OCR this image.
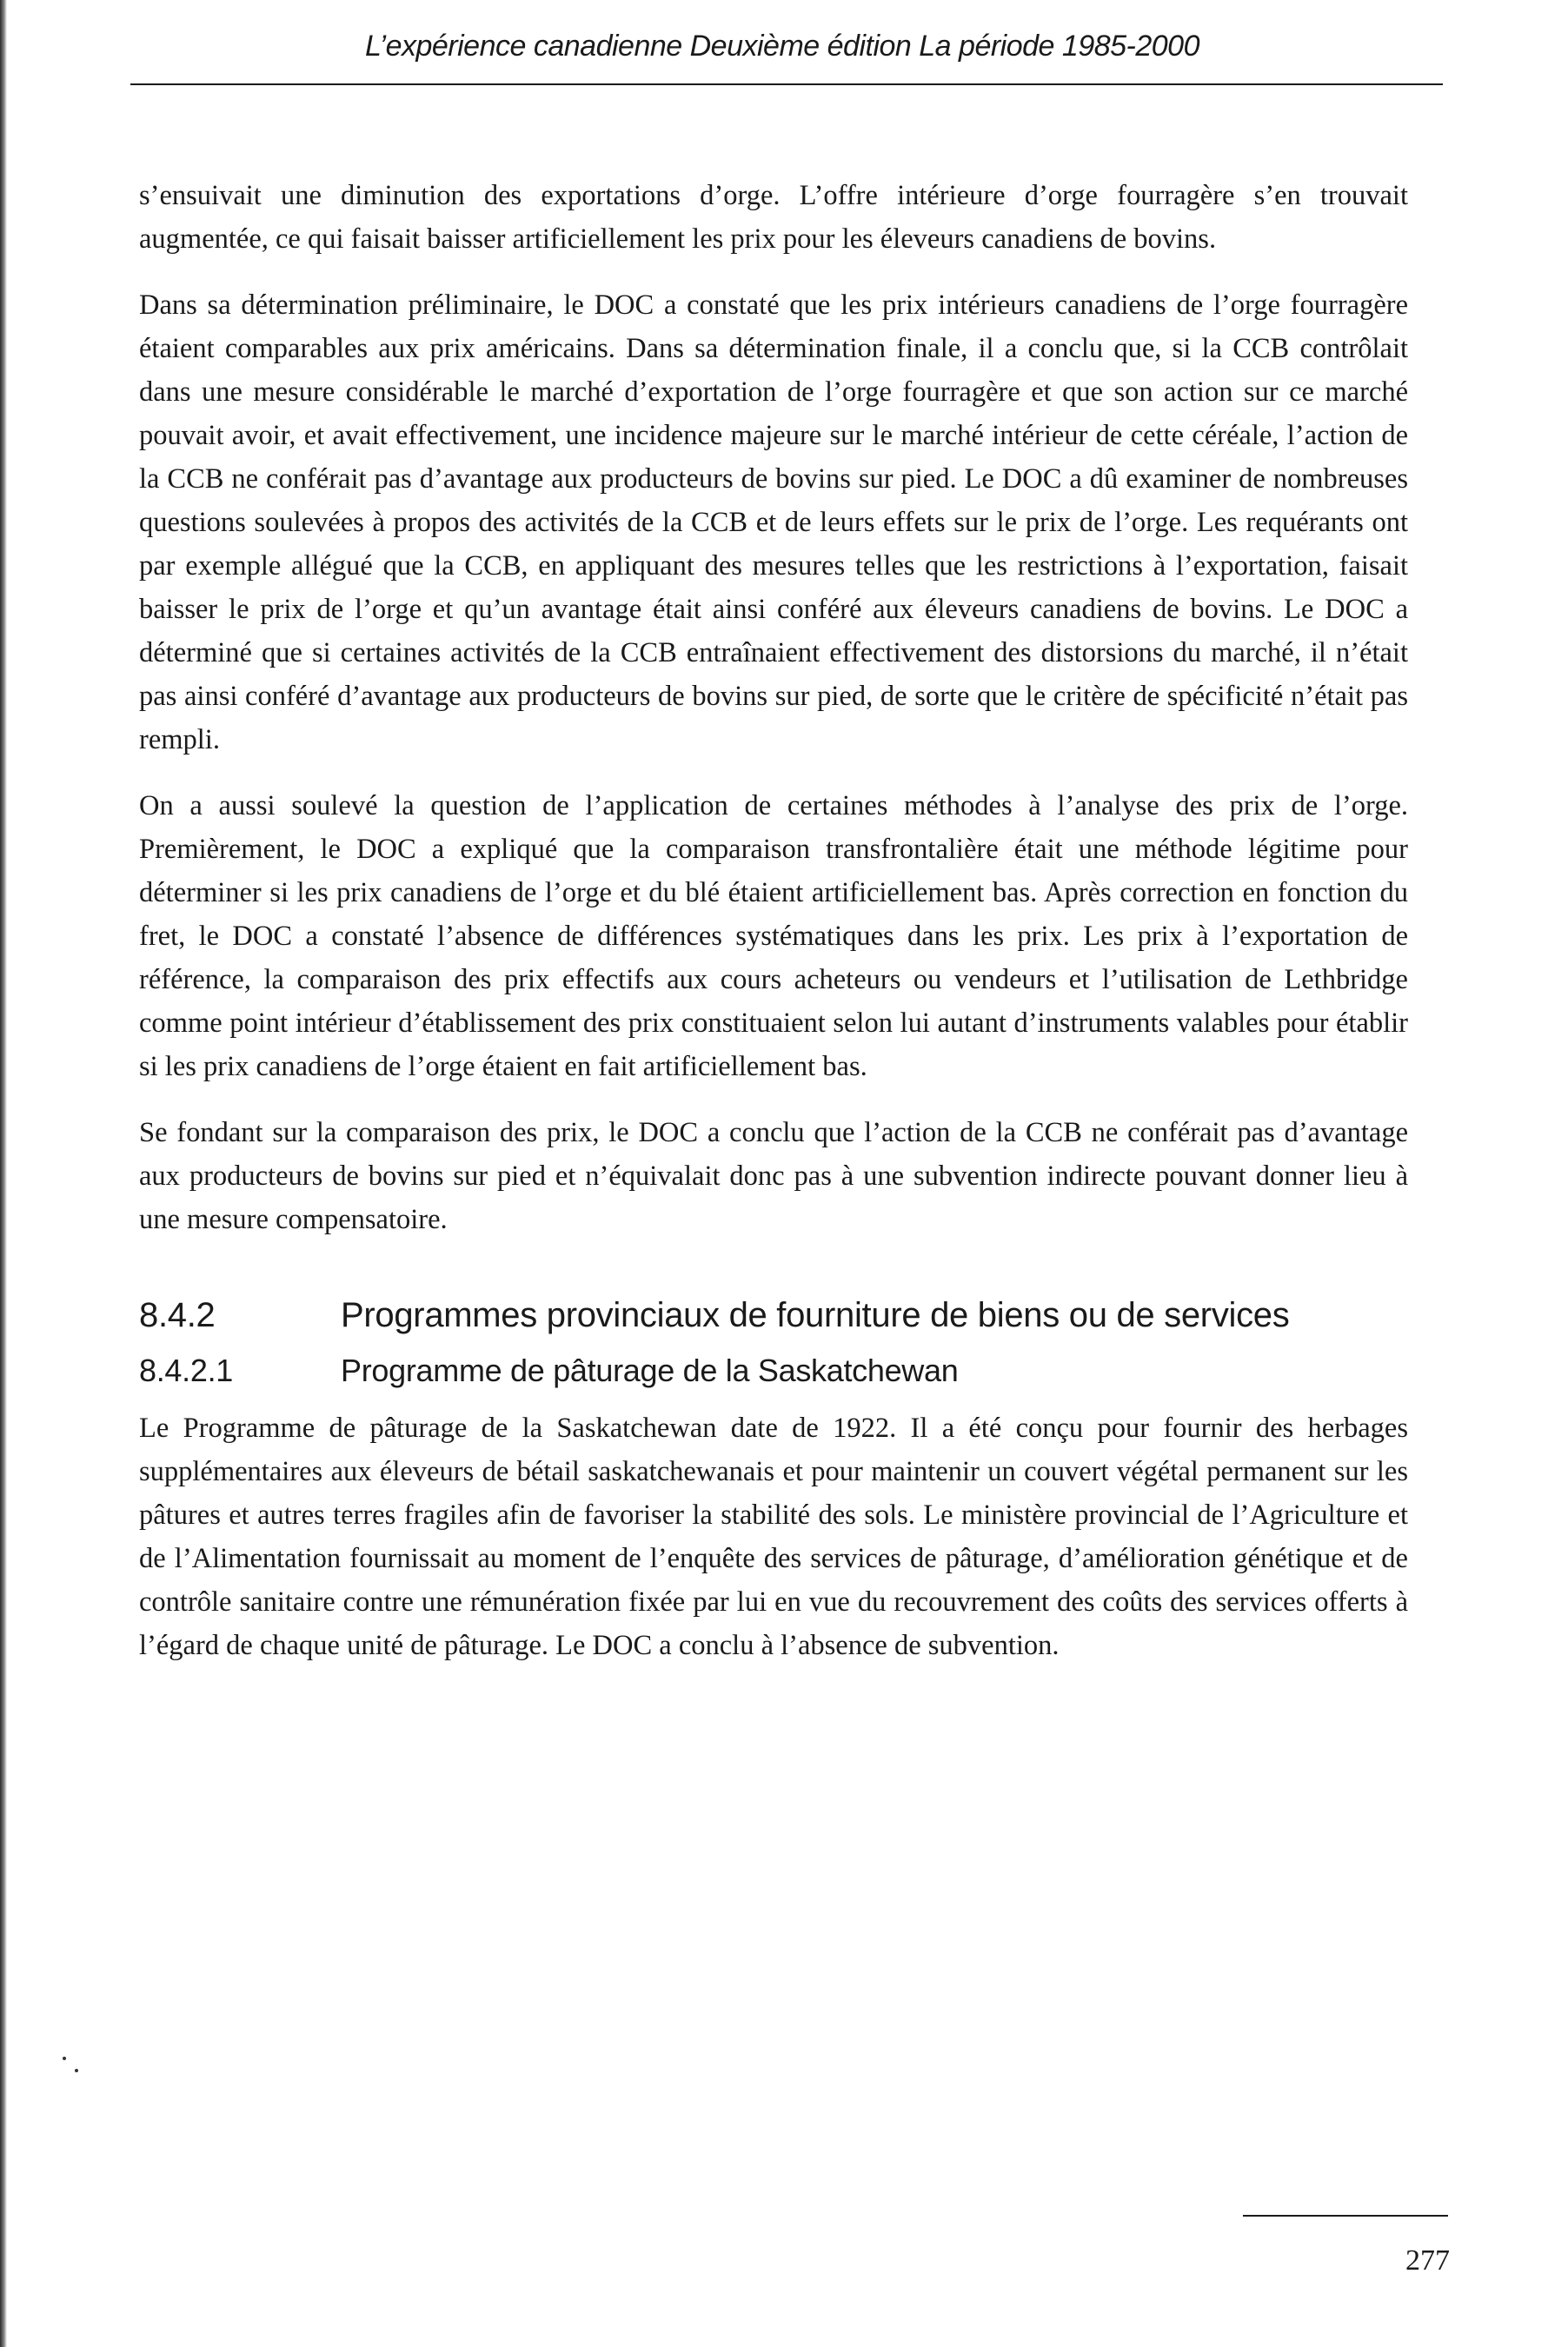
L’expérience canadienne Deuxième édition La période 1985-2000

s’ensuivait une diminution des exportations d’orge. L’offre intérieure d’orge fourragère s’en trouvait augmentée, ce qui faisait baisser artificiellement les prix pour les éleveurs canadiens de bovins.

Dans sa détermination préliminaire, le DOC a constaté que les prix intérieurs canadiens de l’orge fourragère étaient comparables aux prix américains. Dans sa détermination finale, il a conclu que, si la CCB contrôlait dans une mesure considérable le marché d’exportation de l’orge fourragère et que son action sur ce marché pouvait avoir, et avait effectivement, une incidence majeure sur le marché intérieur de cette céréale, l’action de la CCB ne conférait pas d’avantage aux producteurs de bovins sur pied. Le DOC a dû examiner de nombreuses questions soulevées à propos des activités de la CCB et de leurs effets sur le prix de l’orge. Les requérants ont par exemple allégué que la CCB, en appliquant des mesures telles que les restrictions à l’exportation, faisait baisser le prix de l’orge et qu’un avantage était ainsi conféré aux éleveurs canadiens de bovins. Le DOC a déterminé que si certaines activités de la CCB entraînaient effectivement des distorsions du marché, il n’était pas ainsi conféré d’avantage aux producteurs de bovins sur pied, de sorte que le critère de spécificité n’était pas rempli.

On a aussi soulevé la question de l’application de certaines méthodes à l’analyse des prix de l’orge. Premièrement, le DOC a expliqué que la comparaison transfrontalière était une méthode légitime pour déterminer si les prix canadiens de l’orge et du blé étaient artificiellement bas. Après correction en fonction du fret, le DOC a constaté l’absence de différences systématiques dans les prix. Les prix à l’exportation de référence, la comparaison des prix effectifs aux cours acheteurs ou vendeurs et l’utilisation de Lethbridge comme point intérieur d’établissement des prix constituaient selon lui autant d’instruments valables pour établir si les prix canadiens de l’orge étaient en fait artificiellement bas.

Se fondant sur la comparaison des prix, le DOC a conclu que l’action de la CCB ne conférait pas d’avantage aux producteurs de bovins sur pied et n’équivalait donc pas à une subvention indirecte pouvant donner lieu à une mesure compensatoire.

8.4.2	Programmes provinciaux de fourniture de biens ou de services
8.4.2.1	Programme de pâturage de la Saskatchewan

Le Programme de pâturage de la Saskatchewan date de 1922. Il a été conçu pour fournir des herbages supplémentaires aux éleveurs de bétail saskatchewanais et pour maintenir un couvert végétal permanent sur les pâtures et autres terres fragiles afin de favoriser la stabilité des sols. Le ministère provincial de l’Agriculture et de l’Alimentation fournissait au moment de l’enquête des services de pâturage, d’amélioration génétique et de contrôle sanitaire contre une rémunération fixée par lui en vue du recouvrement des coûts des services offerts à l’égard de chaque unité de pâturage. Le DOC a conclu à l’absence de subvention.

277
